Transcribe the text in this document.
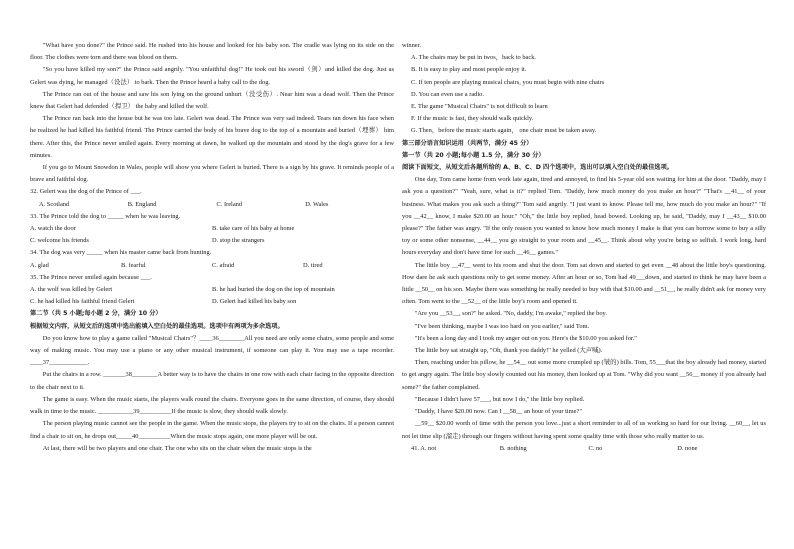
"What have you done?" the Prince said. He rushed into his house and looked for his baby son. The cradle was lying on its side on the floor. The clothes were torn and there was blood on them.

"So you have killed my son?" the Prince said angrily. "You unfaithful dog!" He took out his sword（剑）and killed the dog. Just as Gelert was dying, he managed（设法） to bark. Then the Prince heard a baby call to the dog.

The Prince ran out of the house and saw his son lying on the ground unhurt（没受伤）. Near him was a dead wolf. Then the Prince knew that Gelert had defended（捍卫） the baby and killed the wolf.

The Prince ran back into the house but he was too late. Gelert was dead. The Prince was very sad indeed. Tears ran down his face when he realized he had killed his faithful friend. The Prince carried the body of his brave dog to the top of a mountain and buried（埋葬） him there. After this, the Prince never smiled again. Every morning at dawn, he walked up the mountain and stood by the dog's grave for a few minutes.

If you go to Mount Snowdon in Wales, people will show you where Gelert is buried. There is a sign by his grave. It reminds people of a brave and faithful dog.

32. Gelert was the dog of the Prince of ___.

A. Scotland	B. England	C. Ireland	D. Wales

33. The Prince told the dog to _____ when he was leaving.

A. watch the door	B. take care of his baby at home
C. welcome his friends	D. stop the strangers

34. The dog was very _____ when his master came back from hunting.

A. glad	B. fearful	C. afraid	D. tired

35. The Prince never smiled again because ___.

A. the wolf was killed by Gelert	B. he had buried the dog on the top of mountain
C. he had killed his faithful friend Gelert	D. Gelert had killed his baby son

第二节（共 5 小题;每小题 2 分，满分 10 分）

根据短文内容，从短文后的选项中选出能填入空白处的最佳选项。选项中有两项为多余选项。

Do you know how to play a game called "Musical Chairs"？____36________All you need are only some chairs, some people and some way of making music. You may use a piano or any other musical instrument, if someone can play it. You may use a tape recorder. ____37____________.

Put the chairs in a row. _______38________A better way is to have the chairs in one row with each chair facing in the opposite direction to the chair next to it.

The game is easy. When the music starts, the players walk round the chairs. Everyone goes in the same direction, of course, they should walk in time to the music. ___________39__________If the music is slow, they should walk slowly.

The person playing music cannot see the people in the game. When the music stops, the players try to sit on the chairs. If a person cannot find a chair to sit on, he drops out_____40__________When the music stops again, one more player will be out.

At last, there will be two players and one chair. The one who sits on the chair when the music stops is the

winner.

A. The chairs may be put in twos，back to back.

B. It is easy to play and most people enjoy it.

C. If ten people are playing musical chairs, you must begin with nine chairs

D. You can even use a radio.

E. The game "Musical Chairs" is not difficult to learn

F. If the music is fast, they should walk quickly.

G. Then，before the music starts again， one chair must be taken away.

第三部分语言知识运用（共两节，满分 45 分）

第一节（共 20 小题;每小题 1.5 分，满分 30 分）

阅读下面短文，从短文后各题所给的 A、B、C、D 四个选项中，选出可以填入空白处的最佳选项。

One day, Tom came home from work late again, tired and annoyed, to find his 5-year old son waiting for him at the door. "Daddy, may I ask you a question?" "Yeah, sure, what is it?" replied Tom. "Daddy, how much money do you make an hour?" "That's __41__ of your business. What makes you ask such a thing?" Tom said angrily. "I just want to know. Please tell me, how much do you make an hour?" "If you __42__ know, I make $20.00 an hour." "Oh," the little boy replied, head bowed. Looking up, he said, "Daddy, may I __43__ $10.00 please?" The father was angry. "If the only reason you wanted to know how much money I make is that you can borrow some to buy a silly toy or some other nonsense, __44__ you go straight to your room and __45__. Think about why you're being so selfish. I work long, hard hours everyday and don't have time for such __46__ games."

The little boy __47__ went to his room and shut the door. Tom sat down and started to get even __48 about the little boy's questioning. How dare he ask such questions only to get some money. After an hour or so, Tom had 49___down, and started to think he may have been a little __50__ on his son. Maybe there was something he really needed to buy with that $10.00 and __51__, he really didn't ask for money very often. Tom went to the __52__ of the little boy's room and opened it.

"Are you __53__, son?" he asked. "No, daddy, I'm awake," replied the boy.

"I've been thinking, maybe I was too hard on you earlier," said Tom.

"It's been a long day and I took my anger out on you. Here's the $10.00 you asked for."

The little boy sat straight up, "Oh, thank you daddy!" he yelled (大声喊).

Then, reaching under his pillow, he __54__ out some more crumpled up (皱的) bills. Tom, 55___that the boy already had money, started to get angry again. The little boy slowly counted out his money, then looked up at Tom. "Why did you want __56__ money if you already had some?" the father complained.

"Because I didn't have 57___, but now I do," the little boy replied.

"Daddy, I have $20.00 now. Can I __58__ an hour of your time?"

__59__ $20.00 worth of time with the person you love...just a short reminder to all of us working so hard for our living. __60__, let us not let time slip (溜走) through our fingers without having spent some quality time with those who really matter to us.

41. A. not	B. nothing	C. no	D. none
